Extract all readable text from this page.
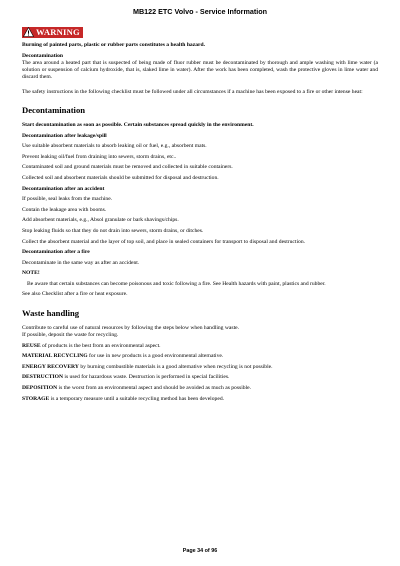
MB122 ETC Volvo - Service Information
WARNING
Burning of painted parts, plastic or rubber parts constitutes a health hazard.
Decontamination
The area around a heated part that is suspected of being made of fluor rubber must be decontaminated by thorough and ample washing with lime water (a solution or suspension of calcium hydroxide, that is, slaked lime in water). After the work has been completed, wash the protective gloves in lime water and discard them.
The safety instructions in the following checklist must be followed under all circumstances if a machine has been exposed to a fire or other intense heat:
Decontamination
Start decontamination as soon as possible. Certain substances spread quickly in the environment.
Decontamination after leakage/spill
Use suitable absorbent materials to absorb leaking oil or fuel, e.g., absorbent mats.
Prevent leaking oil/fuel from draining into sewers, storm drains, etc..
Contaminated soil and ground materials must be removed and collected in suitable containers.
Collected soil and absorbent materials should be submitted for disposal and destruction.
Decontamination after an accident
If possible, seal leaks from the machine.
Contain the leakage area with booms.
Add absorbent materials, e.g., Absol granulate or bark shavings/chips.
Stop leaking fluids so that they do not drain into sewers, storm drains, or ditches.
Collect the absorbent material and the layer of top soil, and place in sealed containers for transport to disposal and destruction.
Decontamination after a fire
Decontaminate in the same way as after an accident.
NOTE!
Be aware that certain substances can become poisonous and toxic following a fire. See Health hazards with paint, plastics and rubber.
See also Checklist after a fire or heat exposure.
Waste handling
Contribute to careful use of natural resources by following the steps below when handling waste.
If possible, deposit the waste for recycling.
REUSE of products is the best from an environmental aspect.
MATERIAL RECYCLING for use in new products is a good environmental alternative.
ENERGY RECOVERY by burning combustible materials is a good alternative when recycling is not possible.
DESTRUCTION is used for hazardous waste. Destruction is performed in special facilities.
DEPOSITION is the worst from an environmental aspect and should be avoided as much as possible.
STORAGE is a temporary measure until a suitable recycling method has been developed.
Page 34 of 96
